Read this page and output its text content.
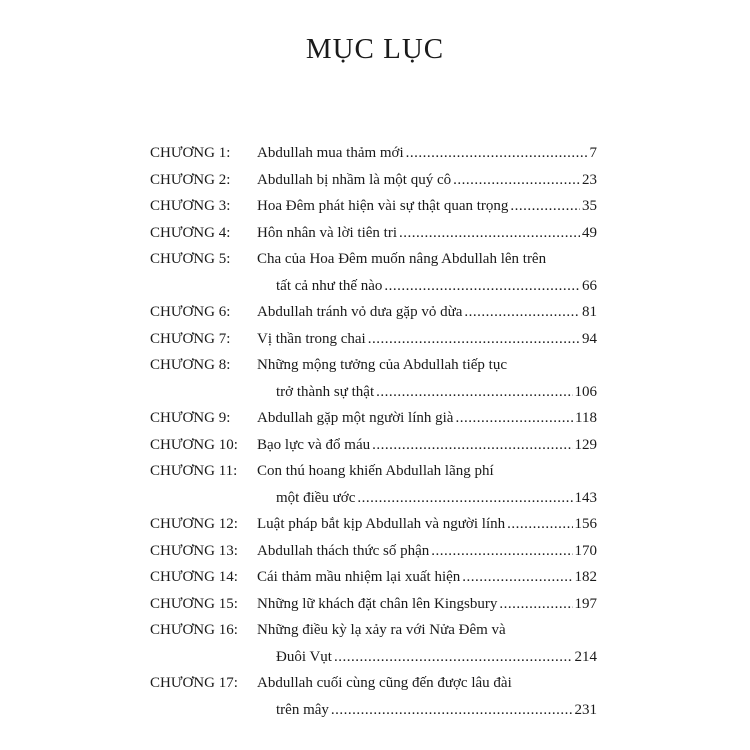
MỤC LỤC
CHƯƠNG 1: Abdullah mua thảm mới .....	7
CHƯƠNG 2: Abdullah bị nhầm là một quý cô .....	23
CHƯƠNG 3: Hoa Đêm phát hiện vài sự thật quan trọng .....	35
CHƯƠNG 4: Hôn nhân và lời tiên tri .....	49
CHƯƠNG 5: Cha của Hoa Đêm muốn nâng Abdullah lên trên
tất cả như thế nào .....	66
CHƯƠNG 6: Abdullah tránh vỏ dưa gặp vỏ dừa .....	81
CHƯƠNG 7: Vị thần trong chai .....	94
CHƯƠNG 8: Những mộng tưởng của Abdullah tiếp tục
trở thành sự thật .....	106
CHƯƠNG 9: Abdullah gặp một người lính già .....	118
CHƯƠNG 10: Bạo lực và đổ máu .....	129
CHƯƠNG 11: Con thú hoang khiến Abdullah lãng phí
một điều ước .....	143
CHƯƠNG 12: Luật pháp bắt kịp Abdullah và người lính .....	156
CHƯƠNG 13: Abdullah thách thức số phận .....	170
CHƯƠNG 14: Cái thảm mầu nhiệm lại xuất hiện .....	182
CHƯƠNG 15: Những lữ khách đặt chân lên Kingsbury .....	197
CHƯƠNG 16: Những điều kỳ lạ xảy ra với Nửa Đêm và
Đuôi Vụt .....	214
CHƯƠNG 17: Abdullah cuối cùng cũng đến được lâu đài
trên mây .....	231
